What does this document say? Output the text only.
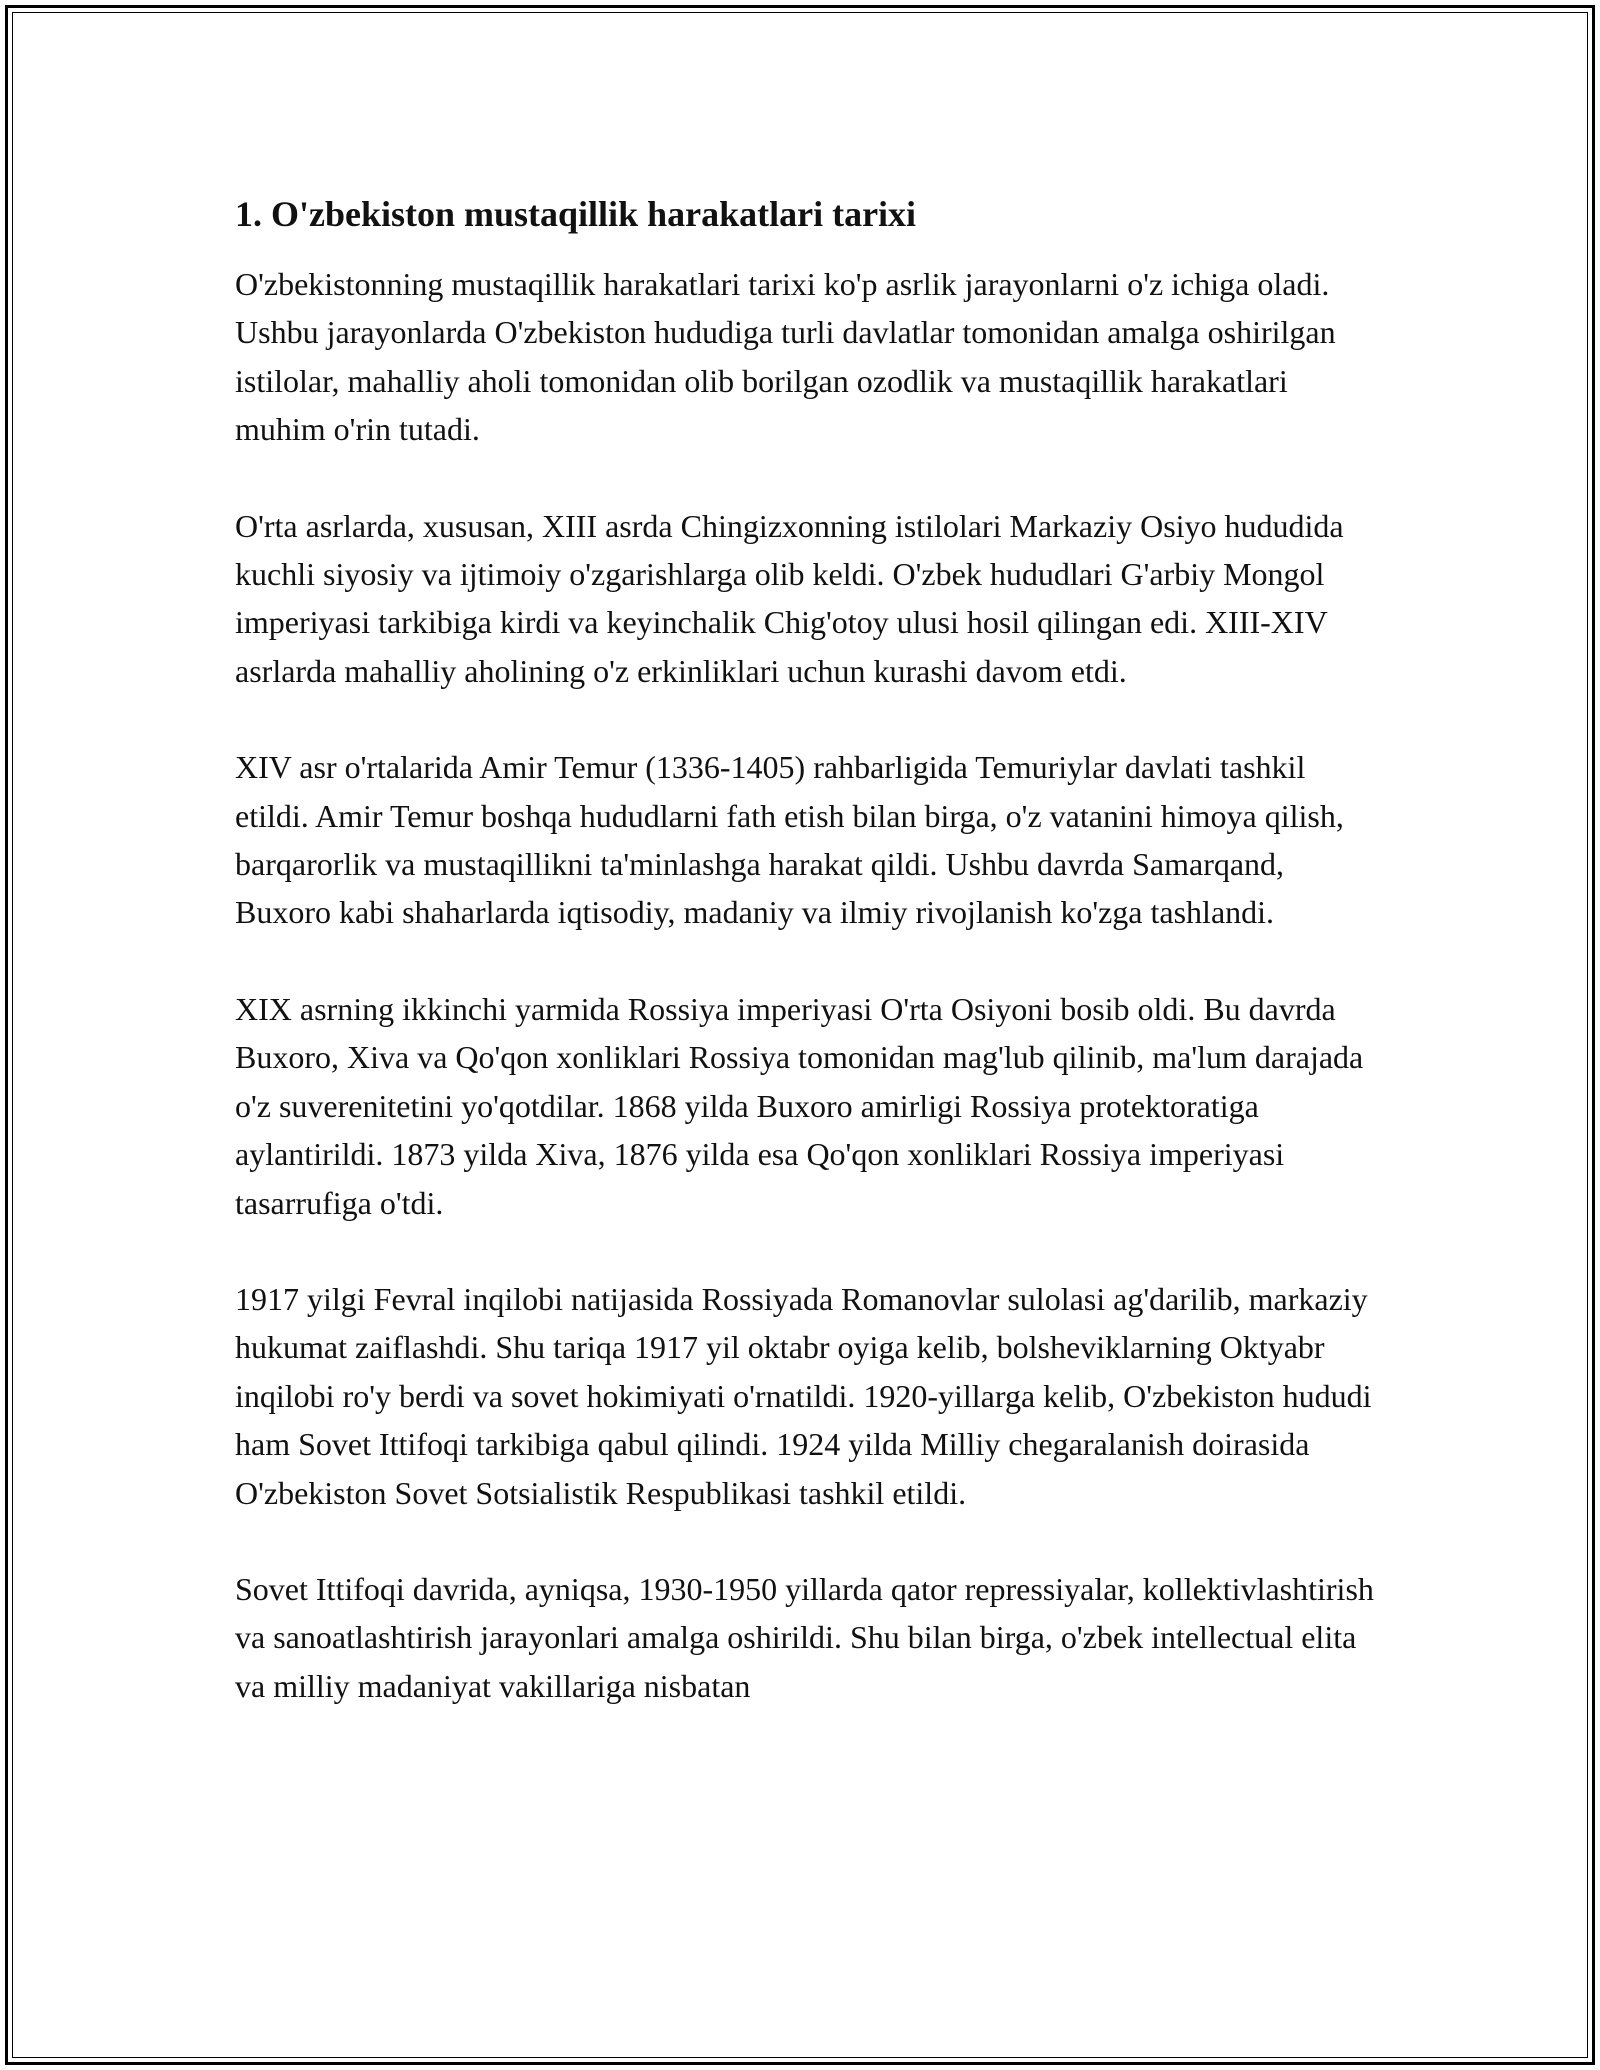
1. O'zbekiston mustaqillik harakatlari tarixi

O'zbekistonning mustaqillik harakatlari tarixi ko'p asrlik jarayonlarni o'z ichiga oladi. Ushbu jarayonlarda O'zbekiston hududiga turli davlatlar tomonidan amalga oshirilgan istilolar, mahalliy aholi tomonidan olib borilgan ozodlik va mustaqillik harakatlari muhim o'rin tutadi.

O'rta asrlarda, xususan, XIII asrda Chingizxonning istilolari Markaziy Osiyo hududida kuchli siyosiy va ijtimoiy o'zgarishlarga olib keldi. O'zbek hududlari G'arbiy Mongol imperiyasi tarkibiga kirdi va keyinchalik Chig'otoy ulusi hosil qilingan edi. XIII-XIV asrlarda mahalliy aholining o'z erkinliklari uchun kurashi davom etdi.

XIV asr o'rtalarida Amir Temur (1336-1405) rahbarligida Temuriylar davlati tashkil etildi. Amir Temur boshqa hududlarni fath etish bilan birga, o'z vatanini himoya qilish, barqarorlik va mustaqillikni ta'minlashga harakat qildi. Ushbu davrda Samarqand, Buxoro kabi shaharlarda iqtisodiy, madaniy va ilmiy rivojlanish ko'zga tashlandi.

XIX asrning ikkinchi yarmida Rossiya imperiyasi O'rta Osiyoni bosib oldi. Bu davrda Buxoro, Xiva va Qo'qon xonliklari Rossiya tomonidan mag'lub qilinib, ma'lum darajada o'z suverenitetini yo'qotdilar. 1868 yilda Buxoro amirligi Rossiya protektoratiga aylantirildi. 1873 yilda Xiva, 1876 yilda esa Qo'qon xonliklari Rossiya imperiyasi tasarrufiga o'tdi.

1917 yilgi Fevral inqilobi natijasida Rossiyada Romanovlar sulolasi ag'darilib, markaziy hukumat zaiflashdi. Shu tariqa 1917 yil oktabr oyiga kelib, bolsheviklarning Oktyabr inqilobi ro'y berdi va sovet hokimiyati o'rnatildi. 1920-yillarga kelib, O'zbekiston hududi ham Sovet Ittifoqi tarkibiga qabul qilindi. 1924 yilda Milliy chegaralanish doirasida O'zbekiston Sovet Sotsialistik Respublikasi tashkil etildi.

Sovet Ittifoqi davrida, ayniqsa, 1930-1950 yillarda qator repressiyalar, kollektivlashtirish va sanoatlashtirish jarayonlari amalga oshirildi. Shu bilan birga, o'zbek intellectual elita va milliy madaniyat vakillariga nisbatan
